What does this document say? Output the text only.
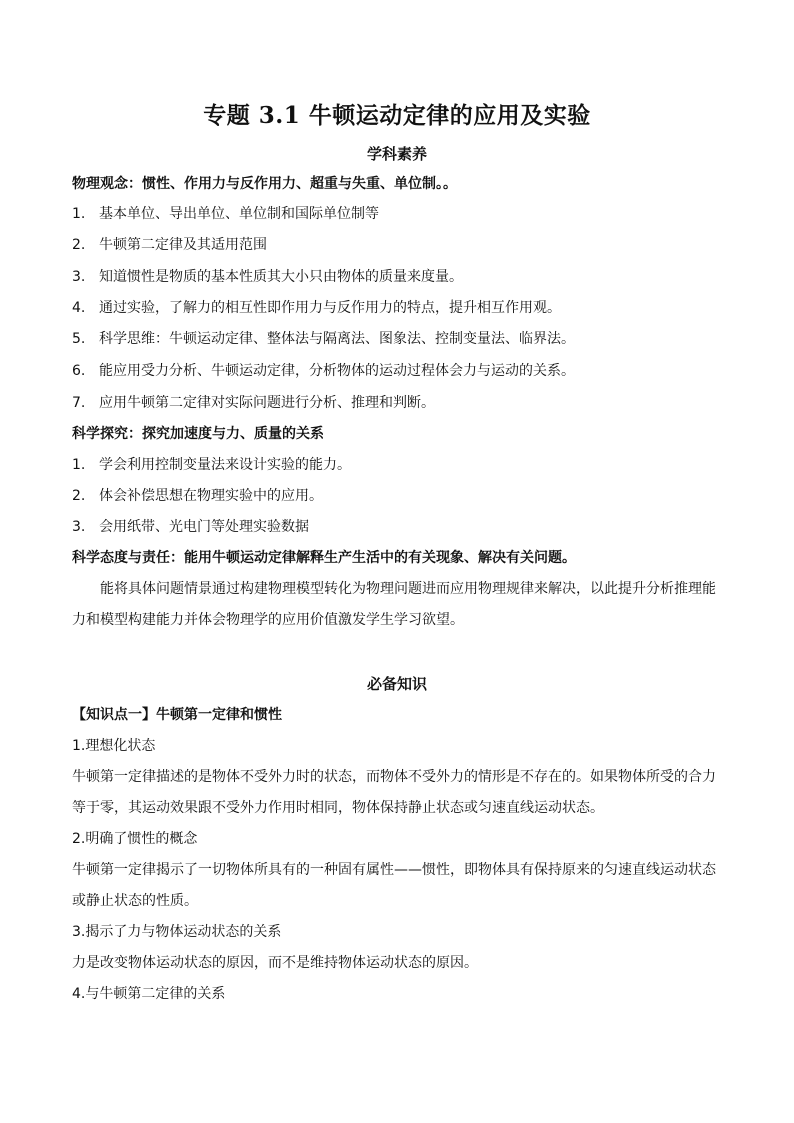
专题 3.1 牛顿运动定律的应用及实验
学科素养
物理观念：惯性、作用力与反作用力、超重与失重、单位制。。
1. 基本单位、导出单位、单位制和国际单位制等
2. 牛顿第二定律及其适用范围
3. 知道惯性是物质的基本性质其大小只由物体的质量来度量。
4. 通过实验，了解力的相互性即作用力与反作用力的特点，提升相互作用观。
5. 科学思维：牛顿运动定律、整体法与隔离法、图象法、控制变量法、临界法。
6. 能应用受力分析、牛顿运动定律，分析物体的运动过程体会力与运动的关系。
7. 应用牛顿第二定律对实际问题进行分析、推理和判断。
科学探究：探究加速度与力、质量的关系
1. 学会利用控制变量法来设计实验的能力。
2. 体会补偿思想在物理实验中的应用。
3. 会用纸带、光电门等处理实验数据
科学态度与责任：能用牛顿运动定律解释生产生活中的有关现象、解决有关问题。
能将具体问题情景通过构建物理模型转化为物理问题进而应用物理规律来解决，以此提升分析推理能
力和模型构建能力并体会物理学的应用价值激发学生学习欲望。
必备知识
【知识点一】牛顿第一定律和惯性
1.理想化状态
牛顿第一定律描述的是物体不受外力时的状态，而物体不受外力的情形是不存在的。如果物体所受的合力
等于零，其运动效果跟不受外力作用时相同，物体保持静止状态或匀速直线运动状态。
2.明确了惯性的概念
牛顿第一定律揭示了一切物体所具有的一种固有属性——惯性，即物体具有保持原来的匀速直线运动状态
或静止状态的性质。
3.揭示了力与物体运动状态的关系
力是改变物体运动状态的原因，而不是维持物体运动状态的原因。
4.与牛顿第二定律的关系
